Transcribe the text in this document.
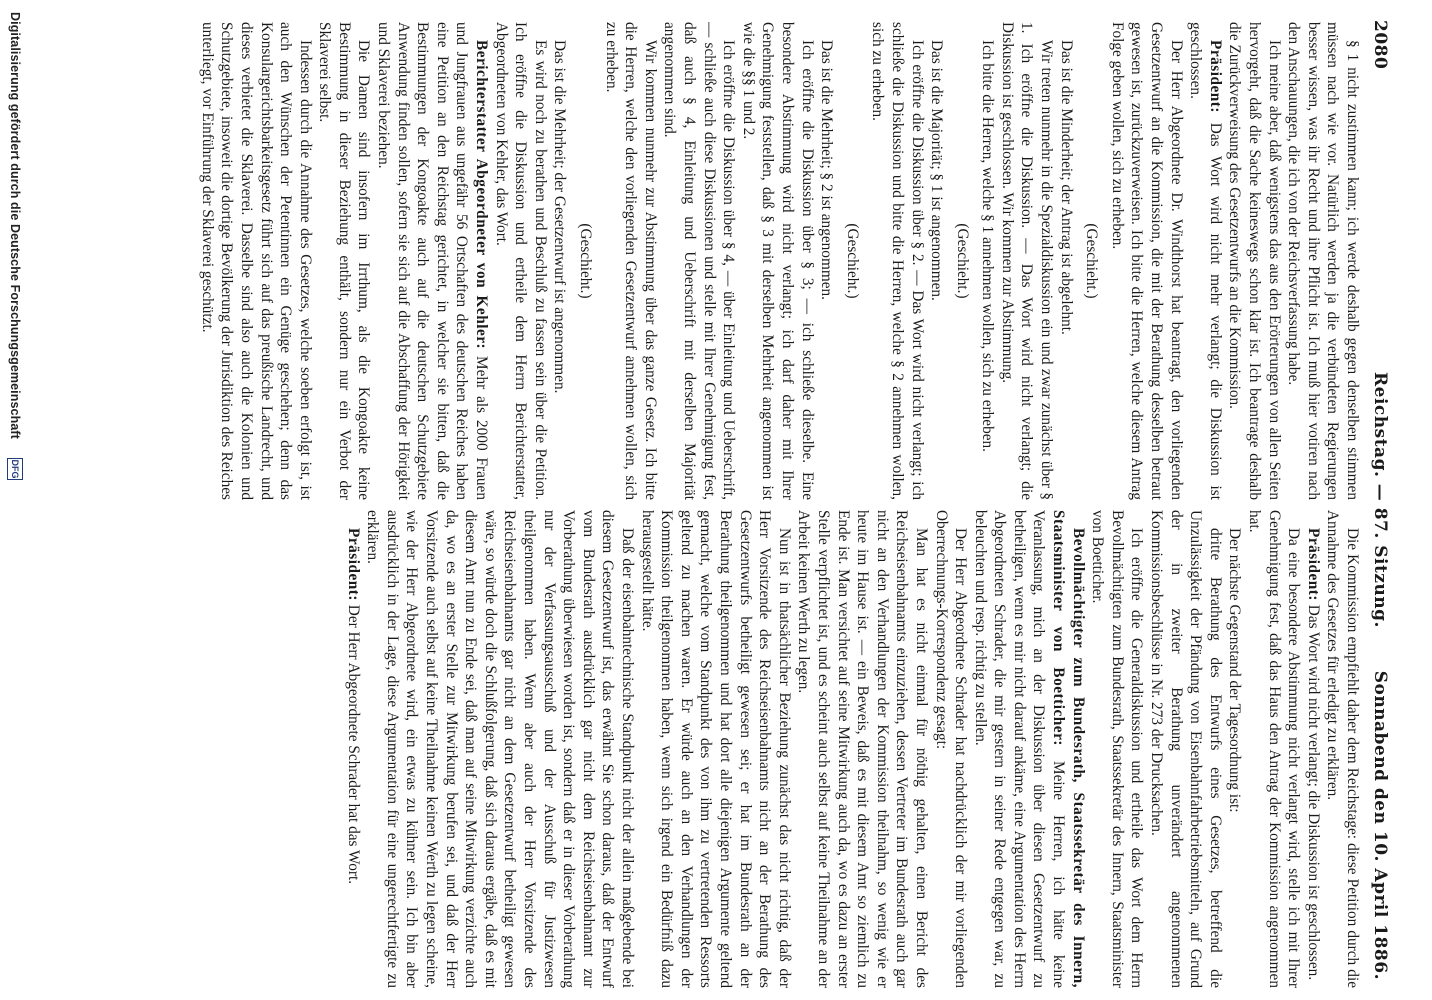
2080
Reichstag. — 87. Sitzung.
Sonnabend den 10. April 1886.

§ 1 nicht zustimmen kann; ich werde deshalb gegen denselben stimmen müssen nach wie vor. Natürlich werden ja die verbündeten Regierungen besser wissen, was ihr Recht und ihre Pflicht ist. Ich muß hier votiren nach den Anschauungen, die ich von der Reichsverfassung habe.

Ich meine aber, daß wenigstens das aus den Erörterungen von allen Seiten hervorgeht, daß die Sache keineswegs schon klar ist. Ich beantrage deshalb die Zurückverweisung des Gesetzentwurfs an die Kommission.

Präsident: Das Wort wird nicht mehr verlangt; die Diskussion ist geschlossen.

Der Herr Abgeordnete Dr. Windthorst hat beantragt, den vorliegenden Gesetzentwurf an die Kommission, die mit der Berathung desselben betraut gewesen ist, zurückzuverweisen. Ich bitte die Herren, welche diesem Antrag Folge geben wollen, sich zu erheben.

(Geschieht.)

Das ist die Minderheit; der Antrag ist abgelehnt.

Wir treten nunmehr in die Spezialdiskussion ein und zwar zunächst über § 1. Ich eröffne die Diskussion. — Das Wort wird nicht verlangt; die Diskussion ist geschlossen. Wir kommen zur Abstimmung.

Ich bitte die Herren, welche § 1 annehmen wollen, sich zu erheben.

(Geschieht.)

Das ist die Majorität; § 1 ist angenommen.

Ich eröffne die Diskussion über § 2. — Das Wort wird nicht verlangt; ich schließe die Diskussion und bitte die Herren, welche § 2 annehmen wollen, sich zu erheben.

(Geschieht.)

Das ist die Mehrheit; § 2 ist angenommen.

Ich eröffne die Diskussion über § 3; — ich schließe dieselbe. Eine besondere Abstimmung wird nicht verlangt; ich darf daher mit Ihrer Genehmigung feststellen, daß § 3 mit derselben Mehrheit angenommen ist wie die §§ 1 und 2.

Ich eröffne die Diskussion über § 4, — über Einleitung und Ueberschrift, — schließe auch diese Diskussionen und stelle mit Ihrer Genehmigung fest, daß auch § 4, Einleitung und Ueberschrift mit derselben Majorität angenommen sind.

Wir kommen nunmehr zur Abstimmung über das ganze Gesetz. Ich bitte die Herren, welche den vorliegenden Gesetzentwurf annehmen wollen, sich zu erheben.

(Geschieht.)

Das ist die Mehrheit; der Gesetzentwurf ist angenommen.

Es wird noch zu berathen und Beschluß zu fassen sein über die Petition. Ich eröffne die Diskussion und ertheile dem Herrn Berichterstatter, Abgeordneten von Kehler, das Wort.

Berichterstatter Abgeordneter von Kehler: Mehr als 2000 Frauen und Jungfrauen aus ungefähr 56 Ortschaften des deutschen Reiches haben eine Petition an den Reichstag gerichtet, in welcher sie bitten, daß die Bestimmungen der Kongoakte auch auf die deutschen Schutzgebiete Anwendung finden sollen, sofern sie sich auf die Abschaffung der Hörigkeit und Sklaverei beziehen.

Die Damen sind insofern im Irrthum, als die Kongoakte keine Bestimmung in dieser Beziehung enthält, sondern nur ein Verbot der Sklaverei selbst.

Indessen durch die Annahme des Gesetzes, welche soeben erfolgt ist, ist auch den Wünschen der Petentinnen ein Genüge geschehen; denn das Konsulargerichtsbarkeitsgesetz führt sich auf das preußische Landrecht, und dieses verbietet die Sklaverei. Dasselbe sind also auch die Kolonien und Schutzgebiete, insoweit die dortige Bevölkerung der Jurisdiktion des Reiches unterliegt, vor Einführung der Sklaverei geschützt.

Die Kommission empfiehlt daher dem Reichstage: diese Petition durch die Annahme des Gesetzes für erledigt zu erklären.

Präsident: Das Wort wird nicht verlangt; die Diskussion ist geschlossen.

Da eine besondere Abstimmung nicht verlangt wird, stelle ich mit Ihrer Genehmigung fest, daß das Haus den Antrag der Kommission angenommen hat.

Der nächste Gegenstand der Tagesordnung ist:

dritte Berathung des Entwurfs eines Gesetzes, betreffend die Unzulässigkeit der Pfändung von Eisenbahnfahrbetriebsmitteln, auf Grund der in zweiter Berathung unverändert angenommenen Kommissionsbeschlüsse in Nr. 273 der Drucksachen.

Ich eröffne die Generaldiskussion und ertheile das Wort dem Herrn Bevollmächtigten zum Bundesrath, Staatssekretär des Innern, Staatsminister von Boetticher.

Bevollmächtigter zum Bundesrath, Staatssekretär des Innern, Staatsminister von Boetticher: Meine Herren, ich hätte keine Veranlassung, mich an der Diskussion über diesen Gesetzentwurf zu betheiligen, wenn es mir nicht darauf ankäme, eine Argumentation des Herrn Abgeordneten Schrader, die mir gestern in seiner Rede entgegen war, zu beleuchten und resp. richtig zu stellen.

Der Herr Abgeordnete Schrader hat nachdrücklich der mir vorliegenden Oberrechnungs-Korrespondenz gesagt:

Man hat es nicht einmal für nöthig gehalten, einen Bericht des Reichseisenbahnamts einzuziehen, dessen Vertreter im Bundesrath auch gar nicht an den Verhandlungen der Kommission theilnahm, so wenig wie er heute im Hause ist. — ein Beweis, daß es mit diesem Amt so ziemlich zu Ende ist. Man versichtet auf seine Mitwirkung auch da, wo es dazu an erster Stelle verpflichtet ist, und es scheint auch selbst auf keine Theilnahme an der Arbeit keinen Werth zu legen.

Nun ist in thatsächlicher Beziehung zunächst das nicht richtig, daß der Herr Vorsitzende des Reichseisenbahnamts nicht an der Berathung des Gesetzentwurfs betheiligt gewesen sei; er hat im Bundesrath an der Berathung theilgenommen und hat dort alle diejenigen Argumente geltend gemacht, welche vom Standpunkt des von ihm zu vertretenden Ressorts geltend zu machen waren. Er würde auch an den Verhandlungen der Kommission theilgenommen haben, wenn sich irgend ein Bedürfniß dazu herausgestellt hätte.

Daß der eisenbahntechnische Standpunkt nicht der allein maßgebende bei diesem Gesetzentwurf ist, das erwähnt Sie schon daraus, daß der Entwurf vom Bundesrath ausdrücklich gar nicht dem Reichseisenbahnamt zur Vorberathung überwiesen worden ist, sondern daß er in dieser Vorberathung nur der Verfassungsausschuß und der Ausschuß für Justizwesen theilgenommen haben. Wenn aber auch der Herr Vorsitzende des Reichseisenbahnamts gar nicht an dem Gesetzentwurf betheiligt gewesen wäre, so würde doch die Schlußfolgerung, daß sich daraus ergäbe, daß es mit diesem Amt nun zu Ende sei, daß man auf seine Mitwirkung verzichte auch da, wo es an erster Stelle zur Mitwirkung berufen sei, und daß der Herr Vorsitzende auch selbst auf keine Theilnahme keinen Werth zu legen scheine, wie der Herr Abgeordnete wird, ein etwas zu kühner sein. Ich bin aber ausdrücklich in der Lage, diese Argumentation für eine ungerechtfertigte zu erklären.

Präsident: Der Herr Abgeordnete Schrader hat das Wort.

Digitalisierung gefördert durch die Deutsche Forschungsgemeinschaft
DFG
